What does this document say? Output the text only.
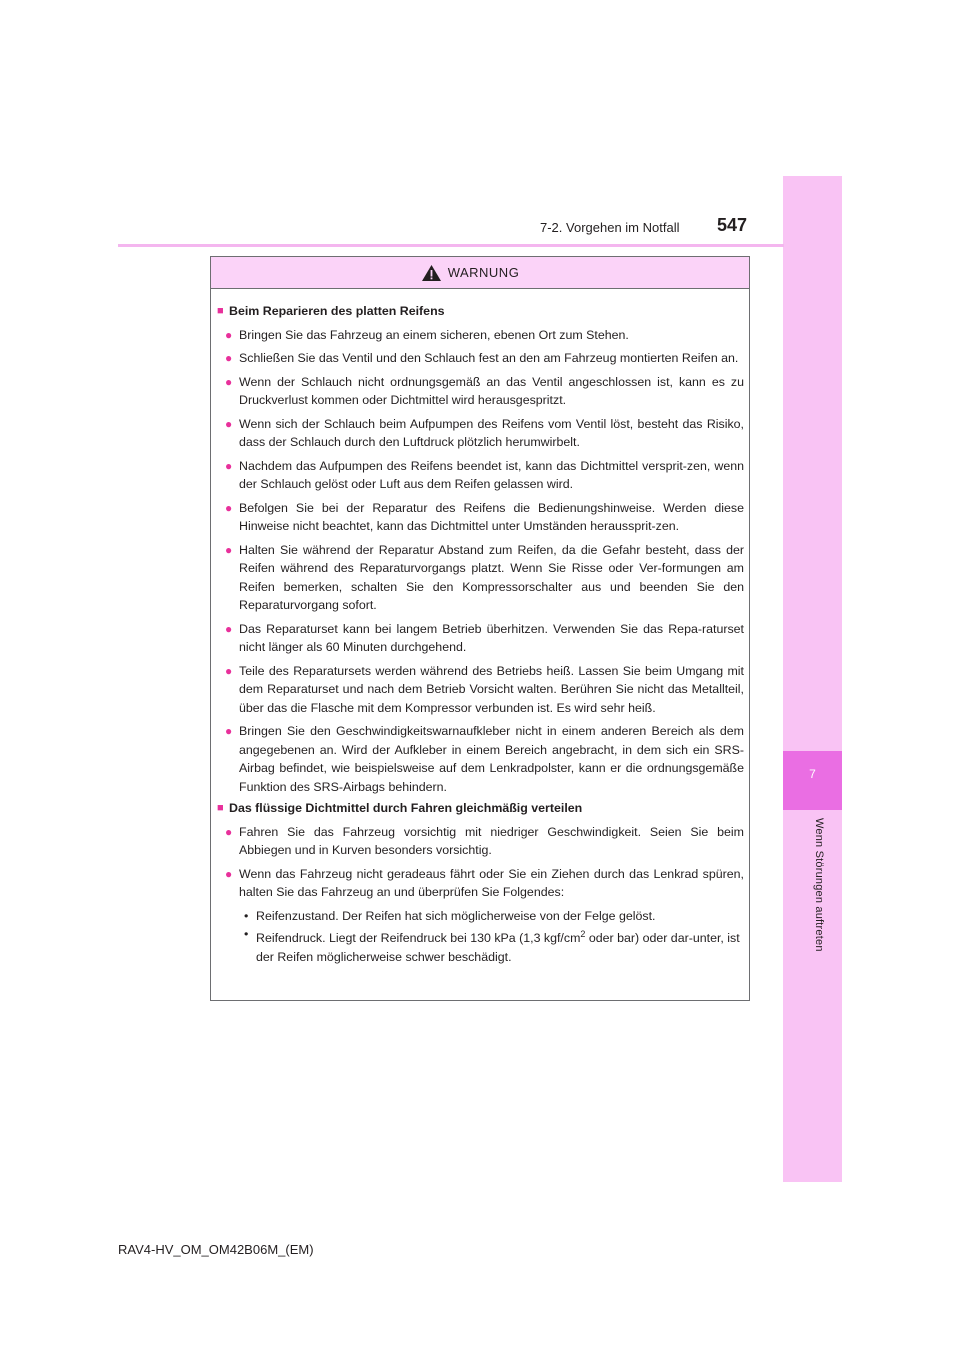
7
Wenn Störungen auftreten
7-2. Vorgehen im Notfall 547
WARNUNG
■ Beim Reparieren des platten Reifens
● Bringen Sie das Fahrzeug an einem sicheren, ebenen Ort zum Stehen.
● Schließen Sie das Ventil und den Schlauch fest an den am Fahrzeug montierten Reifen an.
● Wenn der Schlauch nicht ordnungsgemäß an das Ventil angeschlossen ist, kann es zu Druckverlust kommen oder Dichtmittel wird herausgespritzt.
● Wenn sich der Schlauch beim Aufpumpen des Reifens vom Ventil löst, besteht das Risiko, dass der Schlauch durch den Luftdruck plötzlich herumwirbelt.
● Nachdem das Aufpumpen des Reifens beendet ist, kann das Dichtmittel versprit-zen, wenn der Schlauch gelöst oder Luft aus dem Reifen gelassen wird.
● Befolgen Sie bei der Reparatur des Reifens die Bedienungshinweise. Werden diese Hinweise nicht beachtet, kann das Dichtmittel unter Umständen heraussprit-zen.
● Halten Sie während der Reparatur Abstand zum Reifen, da die Gefahr besteht, dass der Reifen während des Reparaturvorgangs platzt. Wenn Sie Risse oder Ver-formungen am Reifen bemerken, schalten Sie den Kompressorschalter aus und beenden Sie den Reparaturvorgang sofort.
● Das Reparaturset kann bei langem Betrieb überhitzen. Verwenden Sie das Repa-raturset nicht länger als 60 Minuten durchgehend.
● Teile des Reparatursets werden während des Betriebs heiß. Lassen Sie beim Umgang mit dem Reparaturset und nach dem Betrieb Vorsicht walten. Berühren Sie nicht das Metallteil, über das die Flasche mit dem Kompressor verbunden ist. Es wird sehr heiß.
● Bringen Sie den Geschwindigkeitswarnaufkleber nicht in einem anderen Bereich als dem angegebenen an. Wird der Aufkleber in einem Bereich angebracht, in dem sich ein SRS-Airbag befindet, wie beispielsweise auf dem Lenkradpolster, kann er die ordnungsgemäße Funktion des SRS-Airbags behindern.
■ Das flüssige Dichtmittel durch Fahren gleichmäßig verteilen
● Fahren Sie das Fahrzeug vorsichtig mit niedriger Geschwindigkeit. Seien Sie beim Abbiegen und in Kurven besonders vorsichtig.
● Wenn das Fahrzeug nicht geradeaus fährt oder Sie ein Ziehen durch das Lenkrad spüren, halten Sie das Fahrzeug an und überprüfen Sie Folgendes:
• Reifenzustand. Der Reifen hat sich möglicherweise von der Felge gelöst.
• Reifendruck. Liegt der Reifendruck bei 130 kPa (1,3 kgf/$cm^2$ oder bar) oder dar-unter, ist der Reifen möglicherweise schwer beschädigt.
RAV4-HV_OM_OM42B06M_(EM)
